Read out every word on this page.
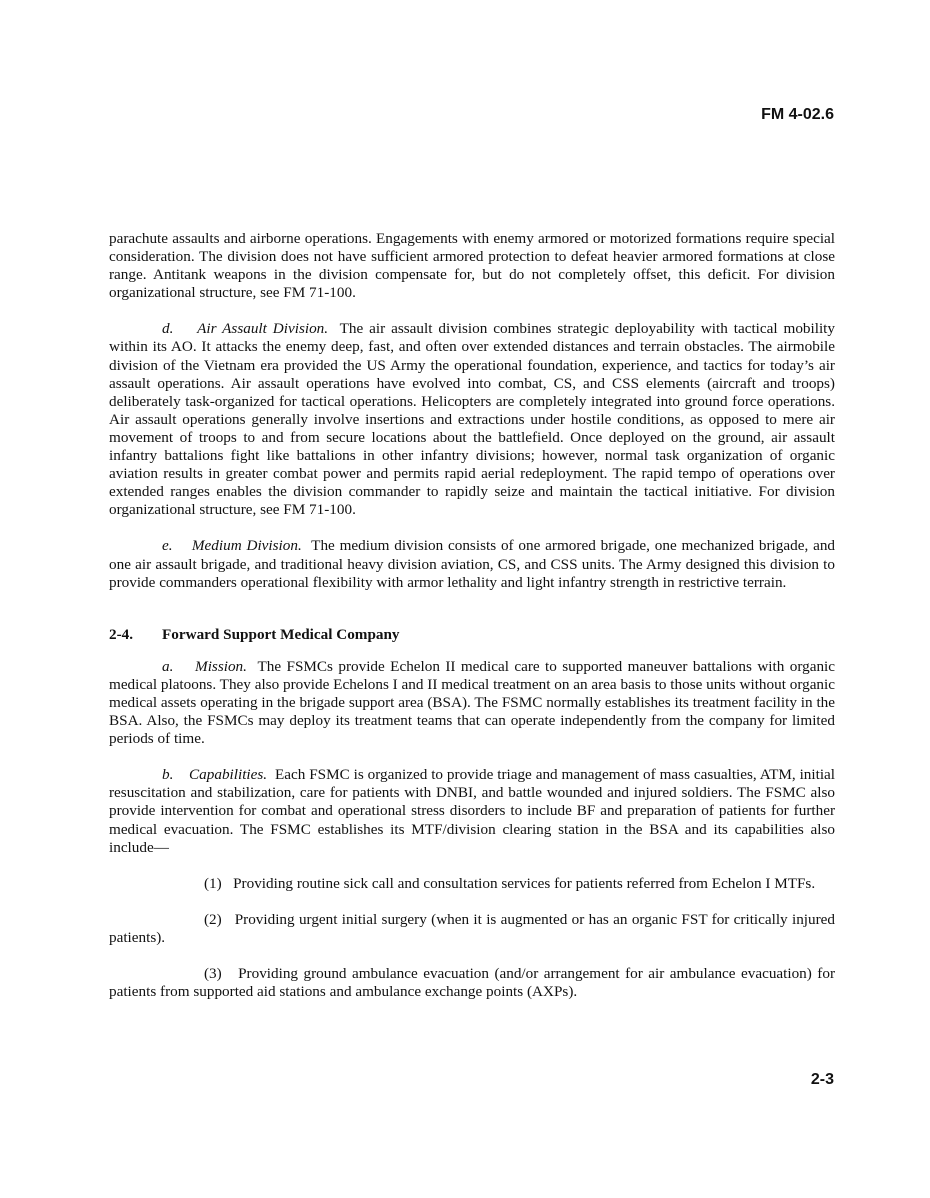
FM 4-02.6

parachute assaults and airborne operations. Engagements with enemy armored or motorized formations require special consideration. The division does not have sufficient armored protection to defeat heavier armored formations at close range. Antitank weapons in the division compensate for, but do not completely offset, this deficit. For division organizational structure, see FM 71-100.

d. Air Assault Division. The air assault division combines strategic deployability with tactical mobility within its AO. It attacks the enemy deep, fast, and often over extended distances and terrain obstacles. The airmobile division of the Vietnam era provided the US Army the operational foundation, experience, and tactics for today’s air assault operations. Air assault operations have evolved into combat, CS, and CSS elements (aircraft and troops) deliberately task-organized for tactical operations. Helicopters are completely integrated into ground force operations. Air assault operations generally involve insertions and extractions under hostile conditions, as opposed to mere air movement of troops to and from secure locations about the battlefield. Once deployed on the ground, air assault infantry battalions fight like battalions in other infantry divisions; however, normal task organization of organic aviation results in greater combat power and permits rapid aerial redeployment. The rapid tempo of operations over extended ranges enables the division commander to rapidly seize and maintain the tactical initiative. For division organizational structure, see FM 71-100.

e. Medium Division. The medium division consists of one armored brigade, one mechanized brigade, and one air assault brigade, and traditional heavy division aviation, CS, and CSS units. The Army designed this division to provide commanders operational flexibility with armor lethality and light infantry strength in restrictive terrain.

2-4.	Forward Support Medical Company

a. Mission. The FSMCs provide Echelon II medical care to supported maneuver battalions with organic medical platoons. They also provide Echelons I and II medical treatment on an area basis to those units without organic medical assets operating in the brigade support area (BSA). The FSMC normally establishes its treatment facility in the BSA. Also, the FSMCs may deploy its treatment teams that can operate independently from the company for limited periods of time.

b. Capabilities. Each FSMC is organized to provide triage and management of mass casualties, ATM, initial resuscitation and stabilization, care for patients with DNBI, and battle wounded and injured soldiers. The FSMC also provide intervention for combat and operational stress disorders to include BF and preparation of patients for further medical evacuation. The FSMC establishes its MTF/division clearing station in the BSA and its capabilities also include—

(1) Providing routine sick call and consultation services for patients referred from Echelon I MTFs.

(2) Providing urgent initial surgery (when it is augmented or has an organic FST for critically injured patients).

(3) Providing ground ambulance evacuation (and/or arrangement for air ambulance evacuation) for patients from supported aid stations and ambulance exchange points (AXPs).

2-3
